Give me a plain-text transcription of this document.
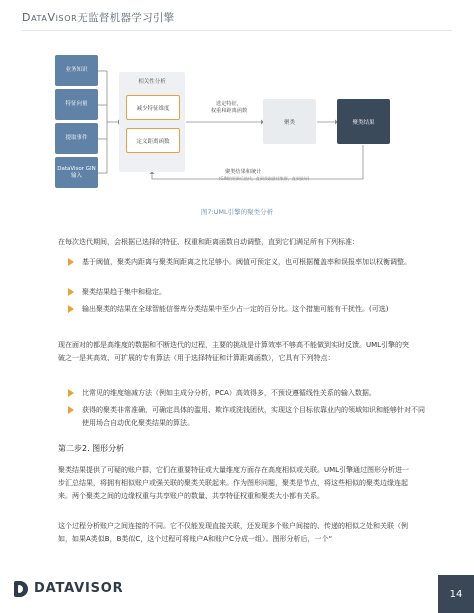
DataVisor无监督机器学习引擎
业务知识
特征向量
提取事件
DataVisor GIN输入
相关性分析
减少特征维度
定义距离函数
选定特征，
权重和距离函数
聚类	聚类结果
聚类结果和统计
(GIN的更新后迭代，直到获取最佳集群，直到最好)
图7:UML引擎的聚类分析

在每次迭代期间，会根据已选择的特征、权重和距离函数自动调整，直到它们满足所有下列标准：

基于阈值，聚类内距离与聚类间距离之比足够小。阈值可预定义，也可根据覆盖率和误报率加以权衡调整。
聚类结果趋于集中和稳定。
输出聚类的结果在全球智能信誉库分类结果中至少占一定的百分比。这个措施可能有干扰性。(可选)

现在面对的都是高维度的数据和不断迭代的过程，主要的挑战是计算效率不够高不能做到实时反馈。UML引擎的突破之一是其高效、可扩展的专有算法（用于选择特征和计算距离函数），它具有下列特点：

比常见的维度缩减方法（例如主成分分析，PCA）高效得多，不预设遵循线性关系的输入数据。
获得的聚类非常准确，可确定具体的滥用、欺诈或洗钱团伙，实现这个目标依靠业内的领域知识和能够针对不同使用场合自动优化聚类结果的算法。
第二步2. 图形分析

聚类结果提供了可疑的账户群，它们在重要特征或大量维度方面存在高度相似或关联。UML引擎通过图形分析进一步汇总结果，将拥有相似账户或强关联的聚类关联起来。作为图形问题，聚类是节点，将这些相似的聚类边缘连起来。两个聚类之间的边缘权重与共享账户的数量、共享特征权重和聚类大小都有关系。

这个过程分析账户之间连接的不同。它不仅能发现直接关联，还发现多个账户间接的、传递的相似之处和关联（例如，如果A类似B，B类似C，这个过程可将账户A和账户C分成一组）。图形分析后，一个“

DATAVISOR	14
